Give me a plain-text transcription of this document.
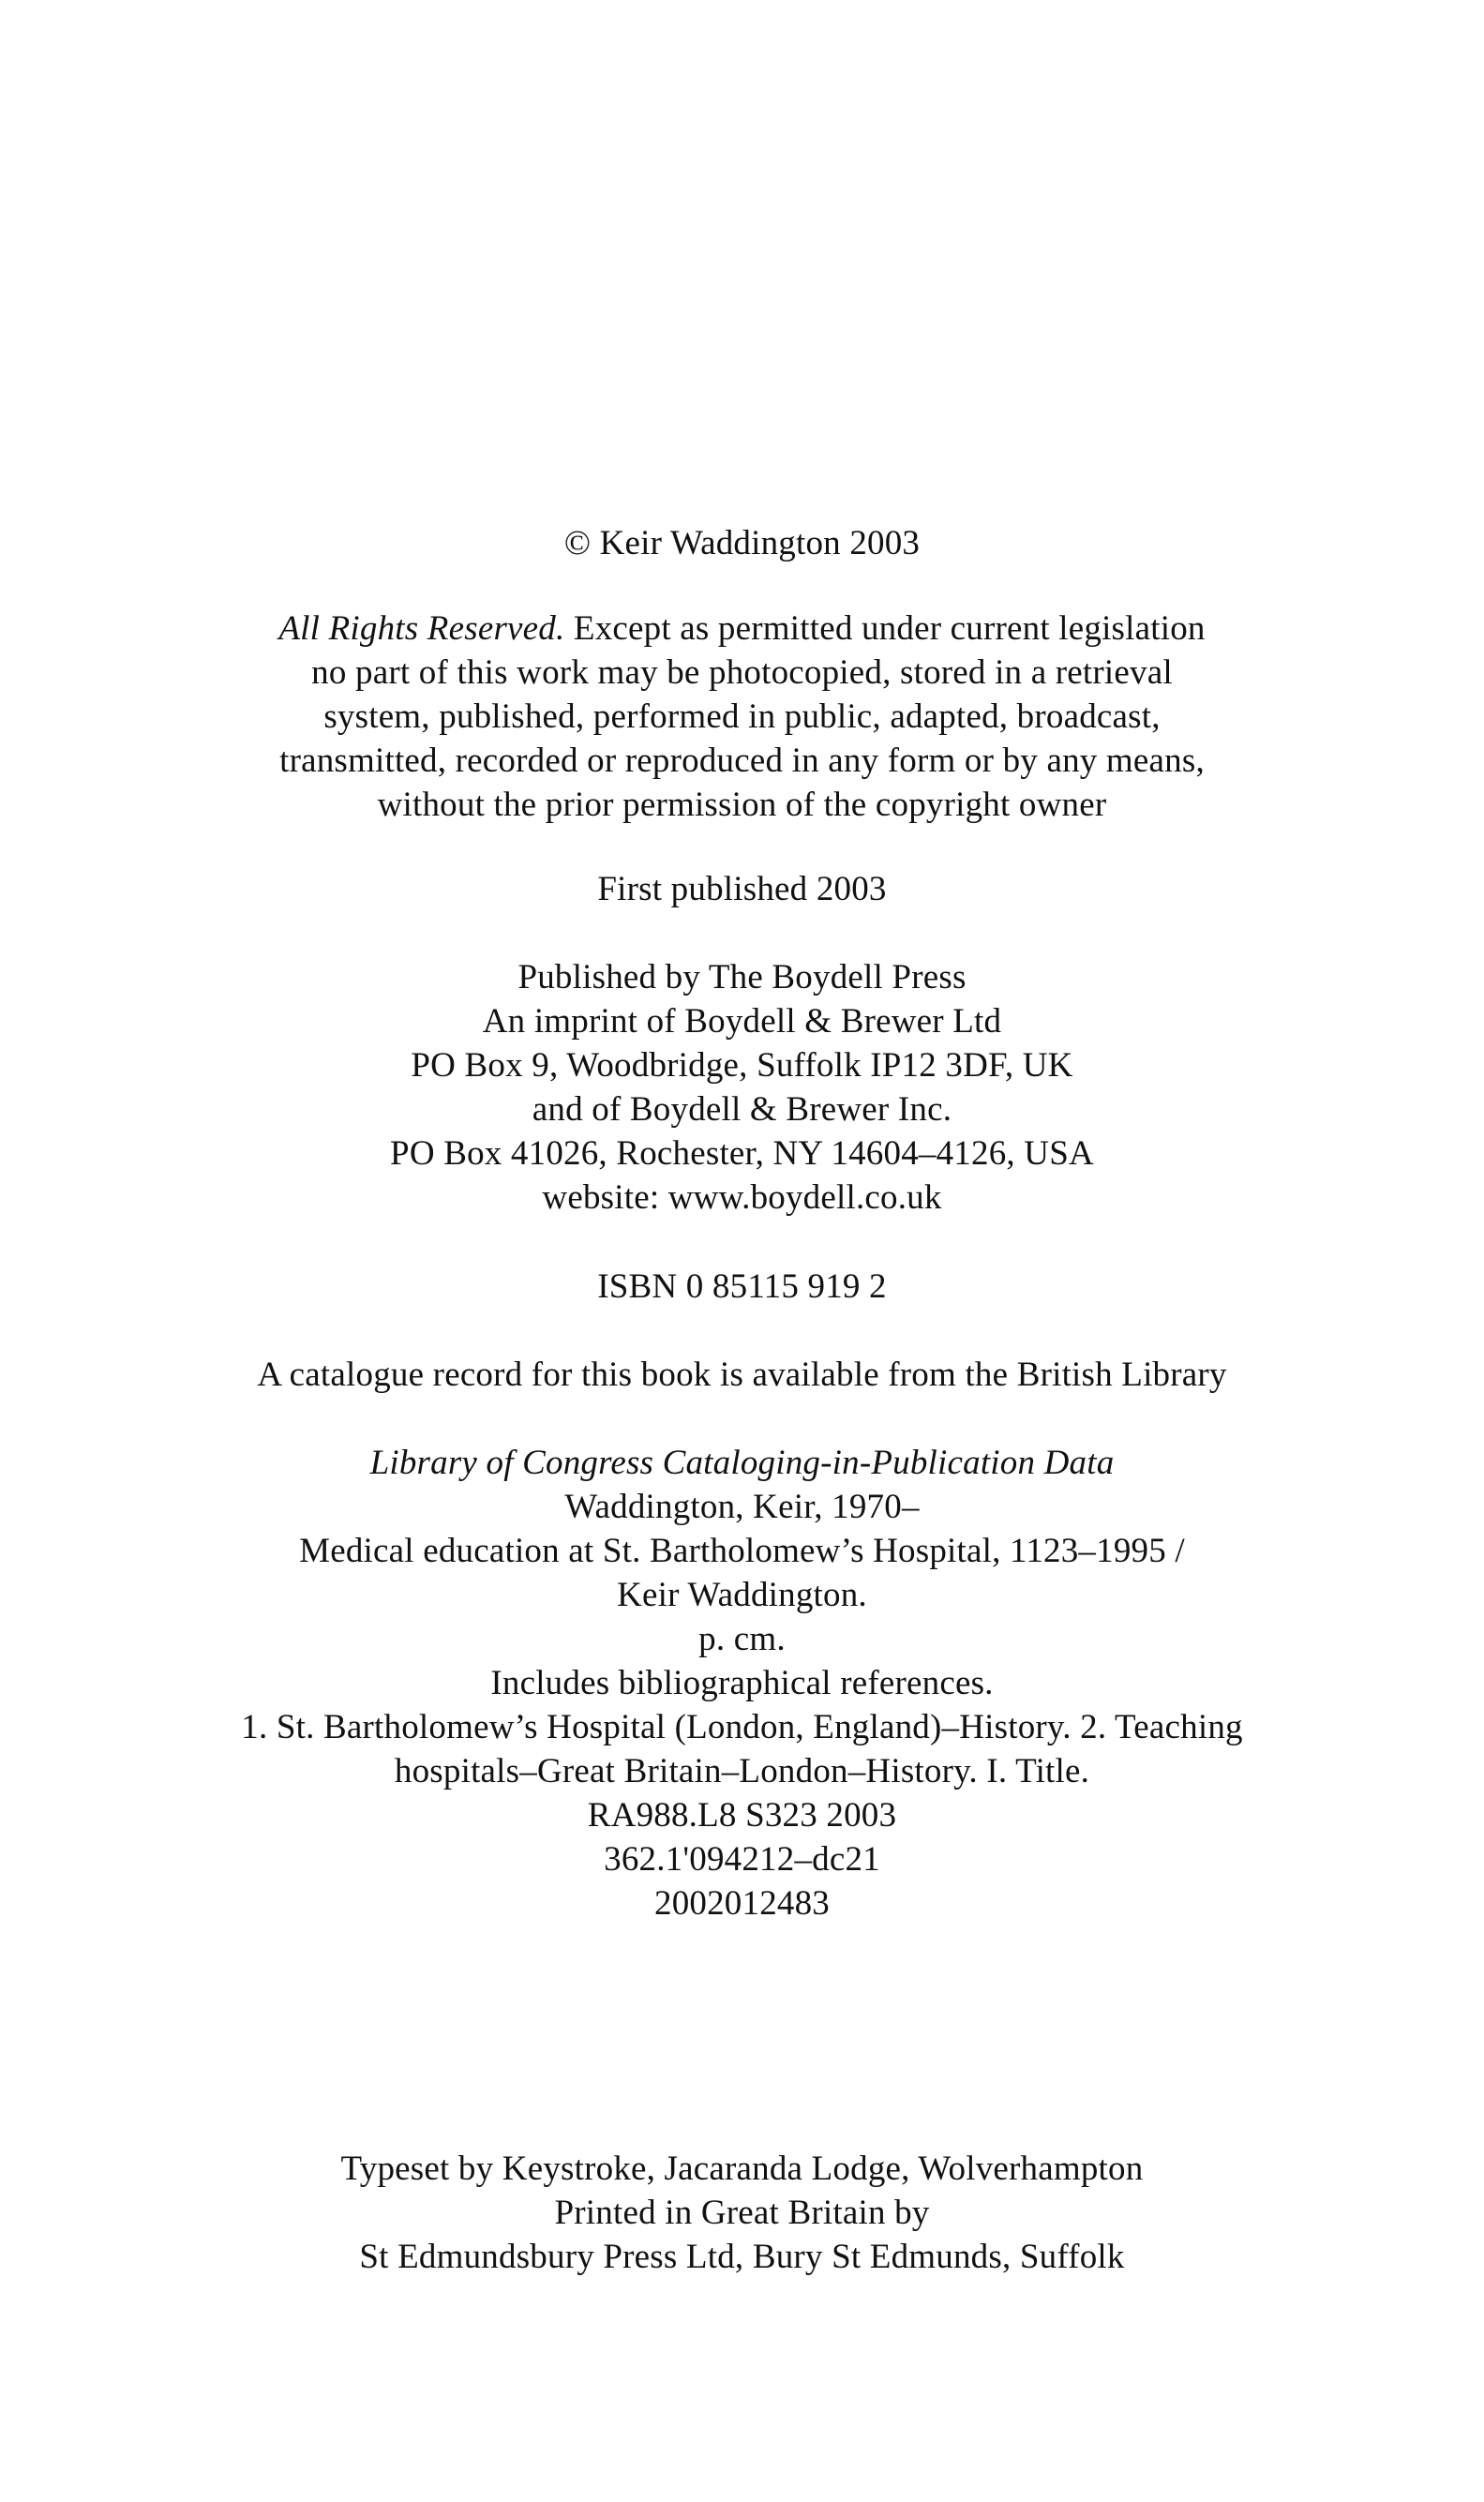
© Keir Waddington 2003
All Rights Reserved. Except as permitted under current legislation
no part of this work may be photocopied, stored in a retrieval
system, published, performed in public, adapted, broadcast,
transmitted, recorded or reproduced in any form or by any means,
without the prior permission of the copyright owner
First published 2003
Published by The Boydell Press
An imprint of Boydell & Brewer Ltd
PO Box 9, Woodbridge, Suffolk IP12 3DF, UK
and of Boydell & Brewer Inc.
PO Box 41026, Rochester, NY 14604–4126, USA
website: www.boydell.co.uk
ISBN 0 85115 919 2
A catalogue record for this book is available from the British Library
Library of Congress Cataloging-in-Publication Data
Waddington, Keir, 1970–
Medical education at St. Bartholomew’s Hospital, 1123–1995 /
Keir Waddington.
p. cm.
Includes bibliographical references.
1. St. Bartholomew’s Hospital (London, England)–History. 2. Teaching
hospitals–Great Britain–London–History. I. Title.
RA988.L8 S323 2003
362.1'094212–dc21
2002012483
Typeset by Keystroke, Jacaranda Lodge, Wolverhampton
Printed in Great Britain by
St Edmundsbury Press Ltd, Bury St Edmunds, Suffolk
